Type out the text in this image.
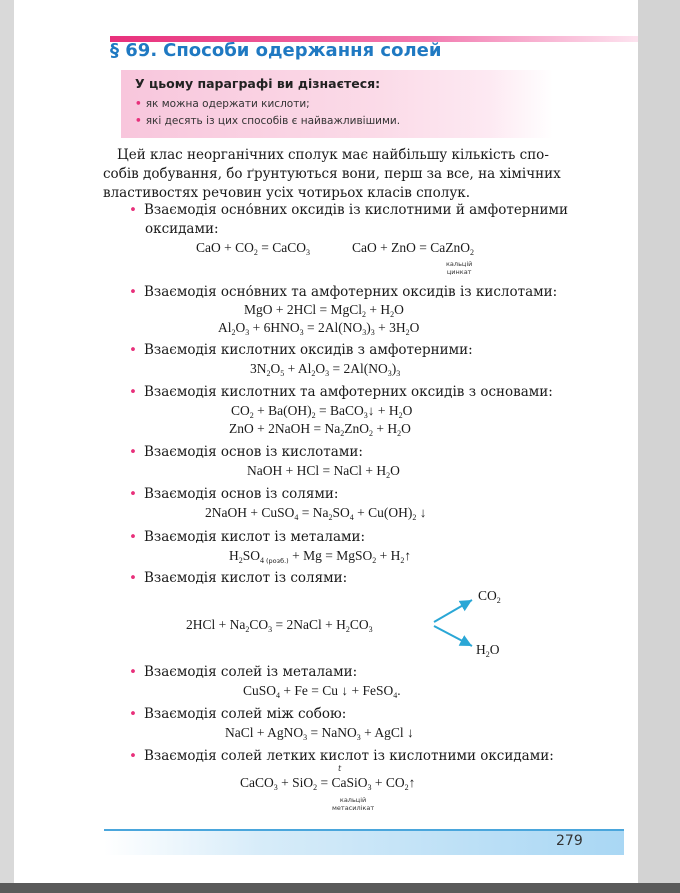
§ 69. Способи одержання солей
У цьому параграфі ви дізнаєтеся:
• як можна одержати кислоти;
• які десять із цих способів є найважливішими.
Цей клас неорганічних сполук має найбільшу кількість спо-
собів добування, бо ґрунтуються вони, перш за все, на хімічних
властивостях речовин усіх чотирьох класів сполук.
• Взаємодія осно́вних оксидів із кислотними й амфотерними
оксидами:
CaO + $CO_2$ = CaCO$_3$	CaO + ZnO = CaZnO$_2$
кальцій
цинкат
• Взаємодія осно́вних та амфотерних оксидів із кислотами:
MgO + 2HCl = MgCl$_2$ + $H_2O$
$Al_2O_3 + 6HNO_3 = 2Al(NO_3)_3 + 3H_2O$
• Взаємодія кислотних оксидів з амфотерними:
$3N_2O_5 + Al_2O_3 = 2Al(NO_3)_3$
• Взаємодія кислотних та амфотерних оксидів з основами:
$CO_2 + Ba(OH)_2$ = BaCO$_3$↓ + $H_2O$
ZnO + 2NaOH = $Na_2ZnO_2 + H_2O$
• Взаємодія основ із кислотами:
NaOH + HCl = NaCl + $H_2O$
• Взаємодія основ із солями:
2NaOH + CuSO$_4$ = $Na_2SO_4 + Cu(OH)_2$ ↓
• Взаємодія кислот із металами:
$H_2SO_{4 (розб.)} + Mg$ = MgSO$_2$ + $H_2↑$
• Взаємодія кислот із солями:
$2HCl + Na_2CO_3$ = 2NaCl + $H_2CO_3$
$CO_2$
$H_2O$
• Взаємодія солей із металами:
CuSO$_4$ + Fe = Cu ↓ + FeSO$_4$.
• Взаємодія солей між собою:
NaCl + AgNO$_3$ = NaNO$_3$ + AgCl ↓
• Взаємодія солей летких кислот із кислотними оксидами:
t
CaCO$_3$ + SiO$_2$ = CaSiO$_3$ + $CO_2↑$
кальцій
метасилікат
279
